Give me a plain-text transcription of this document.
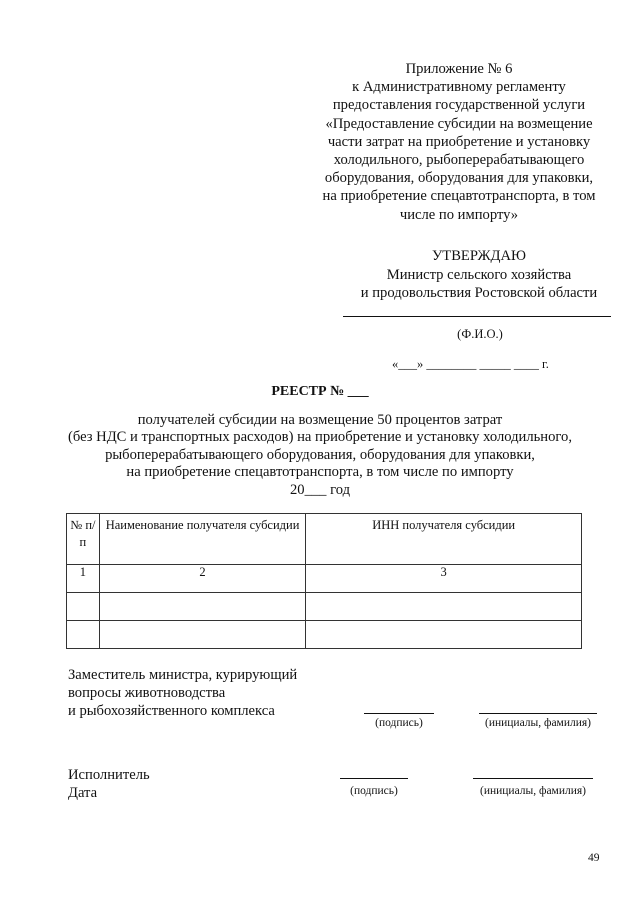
Приложение № 6
к Административному регламенту
предоставления государственной услуги
«Предоставление субсидии на возмещение
части затрат на приобретение и установку
холодильного, рыбоперерабатывающего
оборудования, оборудования для упаковки,
на приобретение спецавтотранспорта, в том
числе по импорту»
УТВЕРЖДАЮ
Министр сельского хозяйства
и продовольствия Ростовской области
(Ф.И.О.)
«___» ________ _____ ____ г.
РЕЕСТР № ___
получателей субсидии на возмещение 50 процентов затрат
(без НДС и транспортных расходов) на приобретение и установку холодильного,
рыбоперерабатывающего оборудования, оборудования для упаковки,
на приобретение спецавтотранспорта, в том числе по импорту
20___ год
№ п/п	Наименование получателя субсидии	ИНН получателя субсидии
1	2	3

Заместитель министра, курирующий
вопросы животноводства
и рыбохозяйственного комплекса
(подпись)	(инициалы, фамилия)
Исполнитель
Дата	(подпись)	(инициалы, фамилия)
49
